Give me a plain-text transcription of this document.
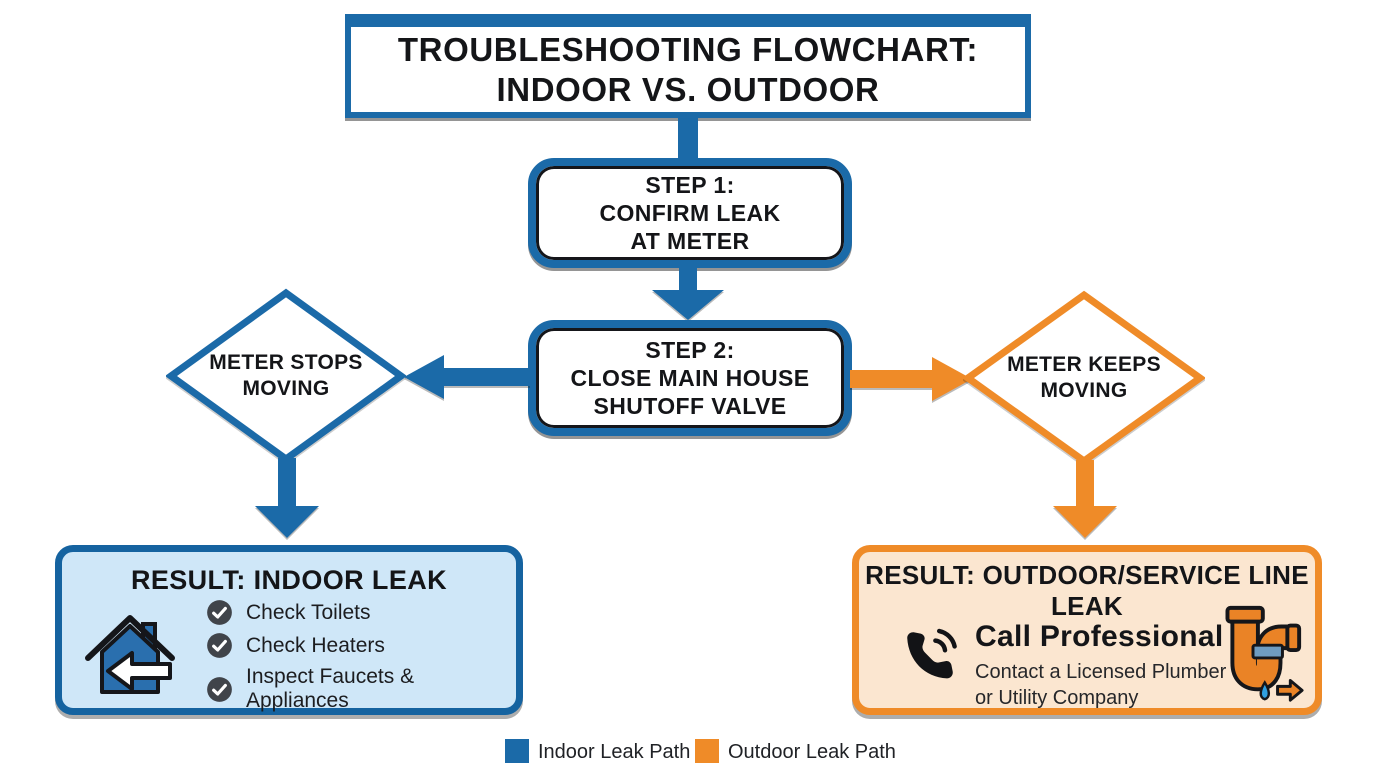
TROUBLESHOOTING FLOWCHART:
INDOOR VS. OUTDOOR
STEP 1:
CONFIRM LEAK
AT METER
STEP 2:
CLOSE MAIN HOUSE
SHUTOFF VALVE
METER STOPS
MOVING
METER KEEPS
MOVING
RESULT: INDOOR LEAK
Check Toilets
Check Heaters
Inspect Faucets & Appliances
RESULT: OUTDOOR/SERVICE LINE
LEAK
Call Professional
Contact a Licensed Plumber
or Utility Company
Indoor Leak Path Outdoor Leak Path
